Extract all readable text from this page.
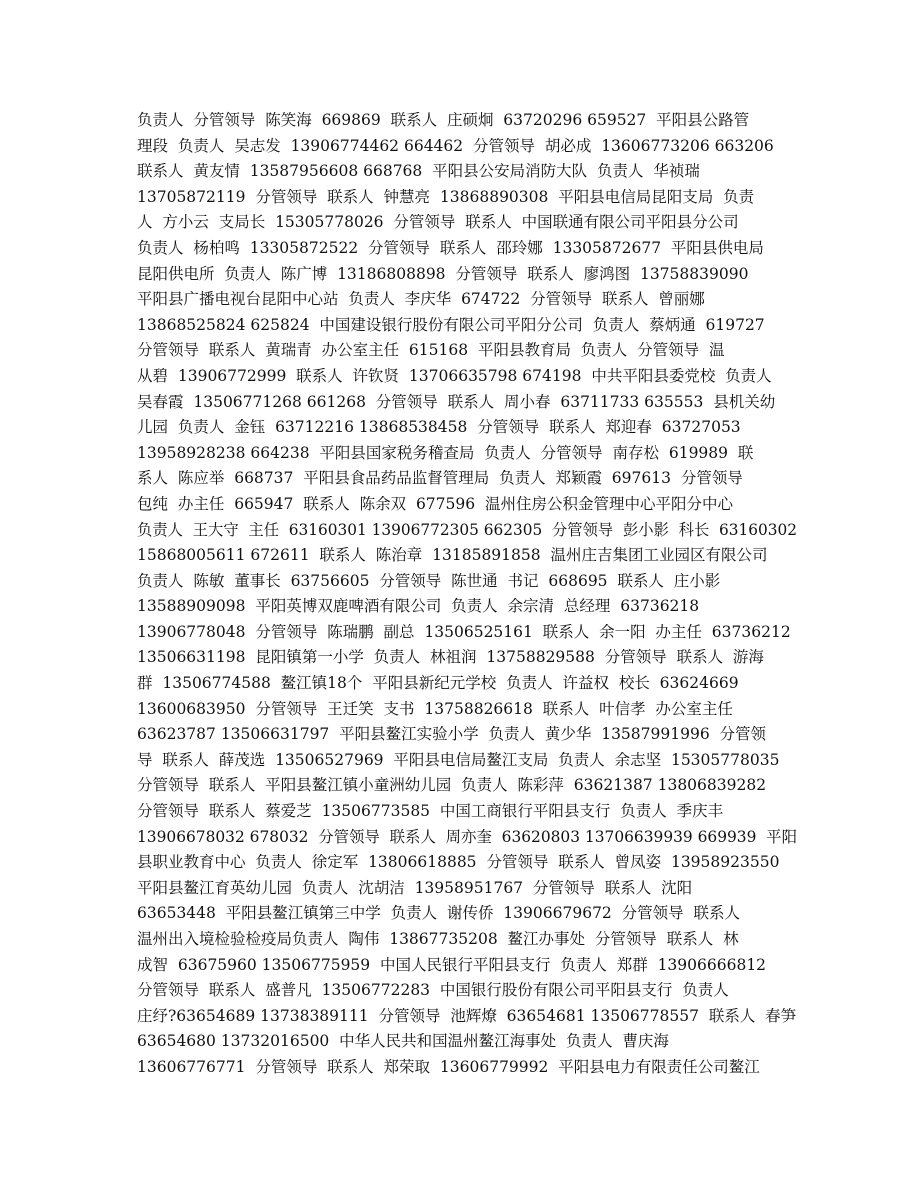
负责人  分管领导  陈笑海  669869  联系人  庄硕炯  63720296 659527  平阳县公路管
理段  负责人  吴志发  13906774462 664462  分管领导  胡必成  13606773206 663206
联系人  黄友情  13587956608 668768  平阳县公安局消防大队  负责人  华祯瑞
13705872119  分管领导  联系人  钟慧亮  13868890308  平阳县电信局昆阳支局  负责
人  方小云  支局长  15305778026  分管领导  联系人  中国联通有限公司平阳县分公司
负责人  杨柏鸣  13305872522  分管领导  联系人  邵玲娜  13305872677  平阳县供电局
昆阳供电所  负责人  陈广博  13186808898  分管领导  联系人  廖鸿图  13758839090
平阳县广播电视台昆阳中心站  负责人  李庆华  674722  分管领导  联系人  曾丽娜
13868525824 625824  中国建设银行股份有限公司平阳分公司  负责人  蔡炳通  619727
分管领导  联系人  黄瑞青  办公室主任  615168  平阳县教育局  负责人  分管领导  温
从碧  13906772999  联系人  许钦贤  13706635798 674198  中共平阳县委党校  负责人
吴春霞  13506771268 661268  分管领导  联系人  周小春  63711733 635553  县机关幼
儿园  负责人  金钰  63712216 13868538458  分管领导  联系人  郑迎春  63727053
13958928238 664238  平阳县国家税务稽查局  负责人  分管领导  南存松  619989  联
系人  陈应举  668737  平阳县食品药品监督管理局  负责人  郑颖霞  697613  分管领导
包纯  办主任  665947  联系人  陈余双  677596  温州住房公积金管理中心平阳分中心
负责人  王大守  主任  63160301 13906772305 662305  分管领导  彭小影  科长  63160302
15868005611 672611  联系人  陈治章  13185891858  温州庄吉集团工业园区有限公司
负责人  陈敏  董事长  63756605  分管领导  陈世通  书记  668695  联系人  庄小影
13588909098  平阳英博双鹿啤酒有限公司  负责人  余宗清  总经理  63736218
13906778048  分管领导  陈瑞鹏  副总  13506525161  联系人  余一阳  办主任  63736212
13506631198  昆阳镇第一小学  负责人  林祖润  13758829588  分管领导  联系人  游海
群  13506774588  鳌江镇18个  平阳县新纪元学校  负责人  许益权  校长  63624669
13600683950  分管领导  王迁笑  支书  13758826618  联系人  叶信孝  办公室主任
63623787 13506631797  平阳县鳌江实验小学  负责人  黄少华  13587991996  分管领
导  联系人  薛茂选  13506527969  平阳县电信局鳌江支局  负责人  余志坚  15305778035
分管领导  联系人  平阳县鳌江镇小童洲幼儿园  负责人  陈彩萍  63621387 13806839282
分管领导  联系人  蔡爱芝  13506773585  中国工商银行平阳县支行  负责人  季庆丰
13906678032 678032  分管领导  联系人  周亦奎  63620803 13706639939 669939  平阳
县职业教育中心  负责人  徐定军  13806618885  分管领导  联系人  曾凤姿  13958923550
平阳县鳌江育英幼儿园  负责人  沈胡洁  13958951767  分管领导  联系人  沈阳
63653448  平阳县鳌江镇第三中学  负责人  谢传侨  13906679672  分管领导  联系人
温州出入境检验检疫局负责人  陶伟  13867735208  鳌江办事处  分管领导  联系人  林
成智  63675960 13506775959  中国人民银行平阳县支行  负责人  郑群  13906666812
分管领导  联系人  盛普凡  13506772283  中国银行股份有限公司平阳县支行  负责人
庄纾?63654689 13738389111  分管领导  池辉燎  63654681 13506778557  联系人  春笋
63654680 13732016500  中华人民共和国温州鳌江海事处  负责人  曹庆海
13606776771  分管领导  联系人  郑荣取  13606779992  平阳县电力有限责任公司鳌江
